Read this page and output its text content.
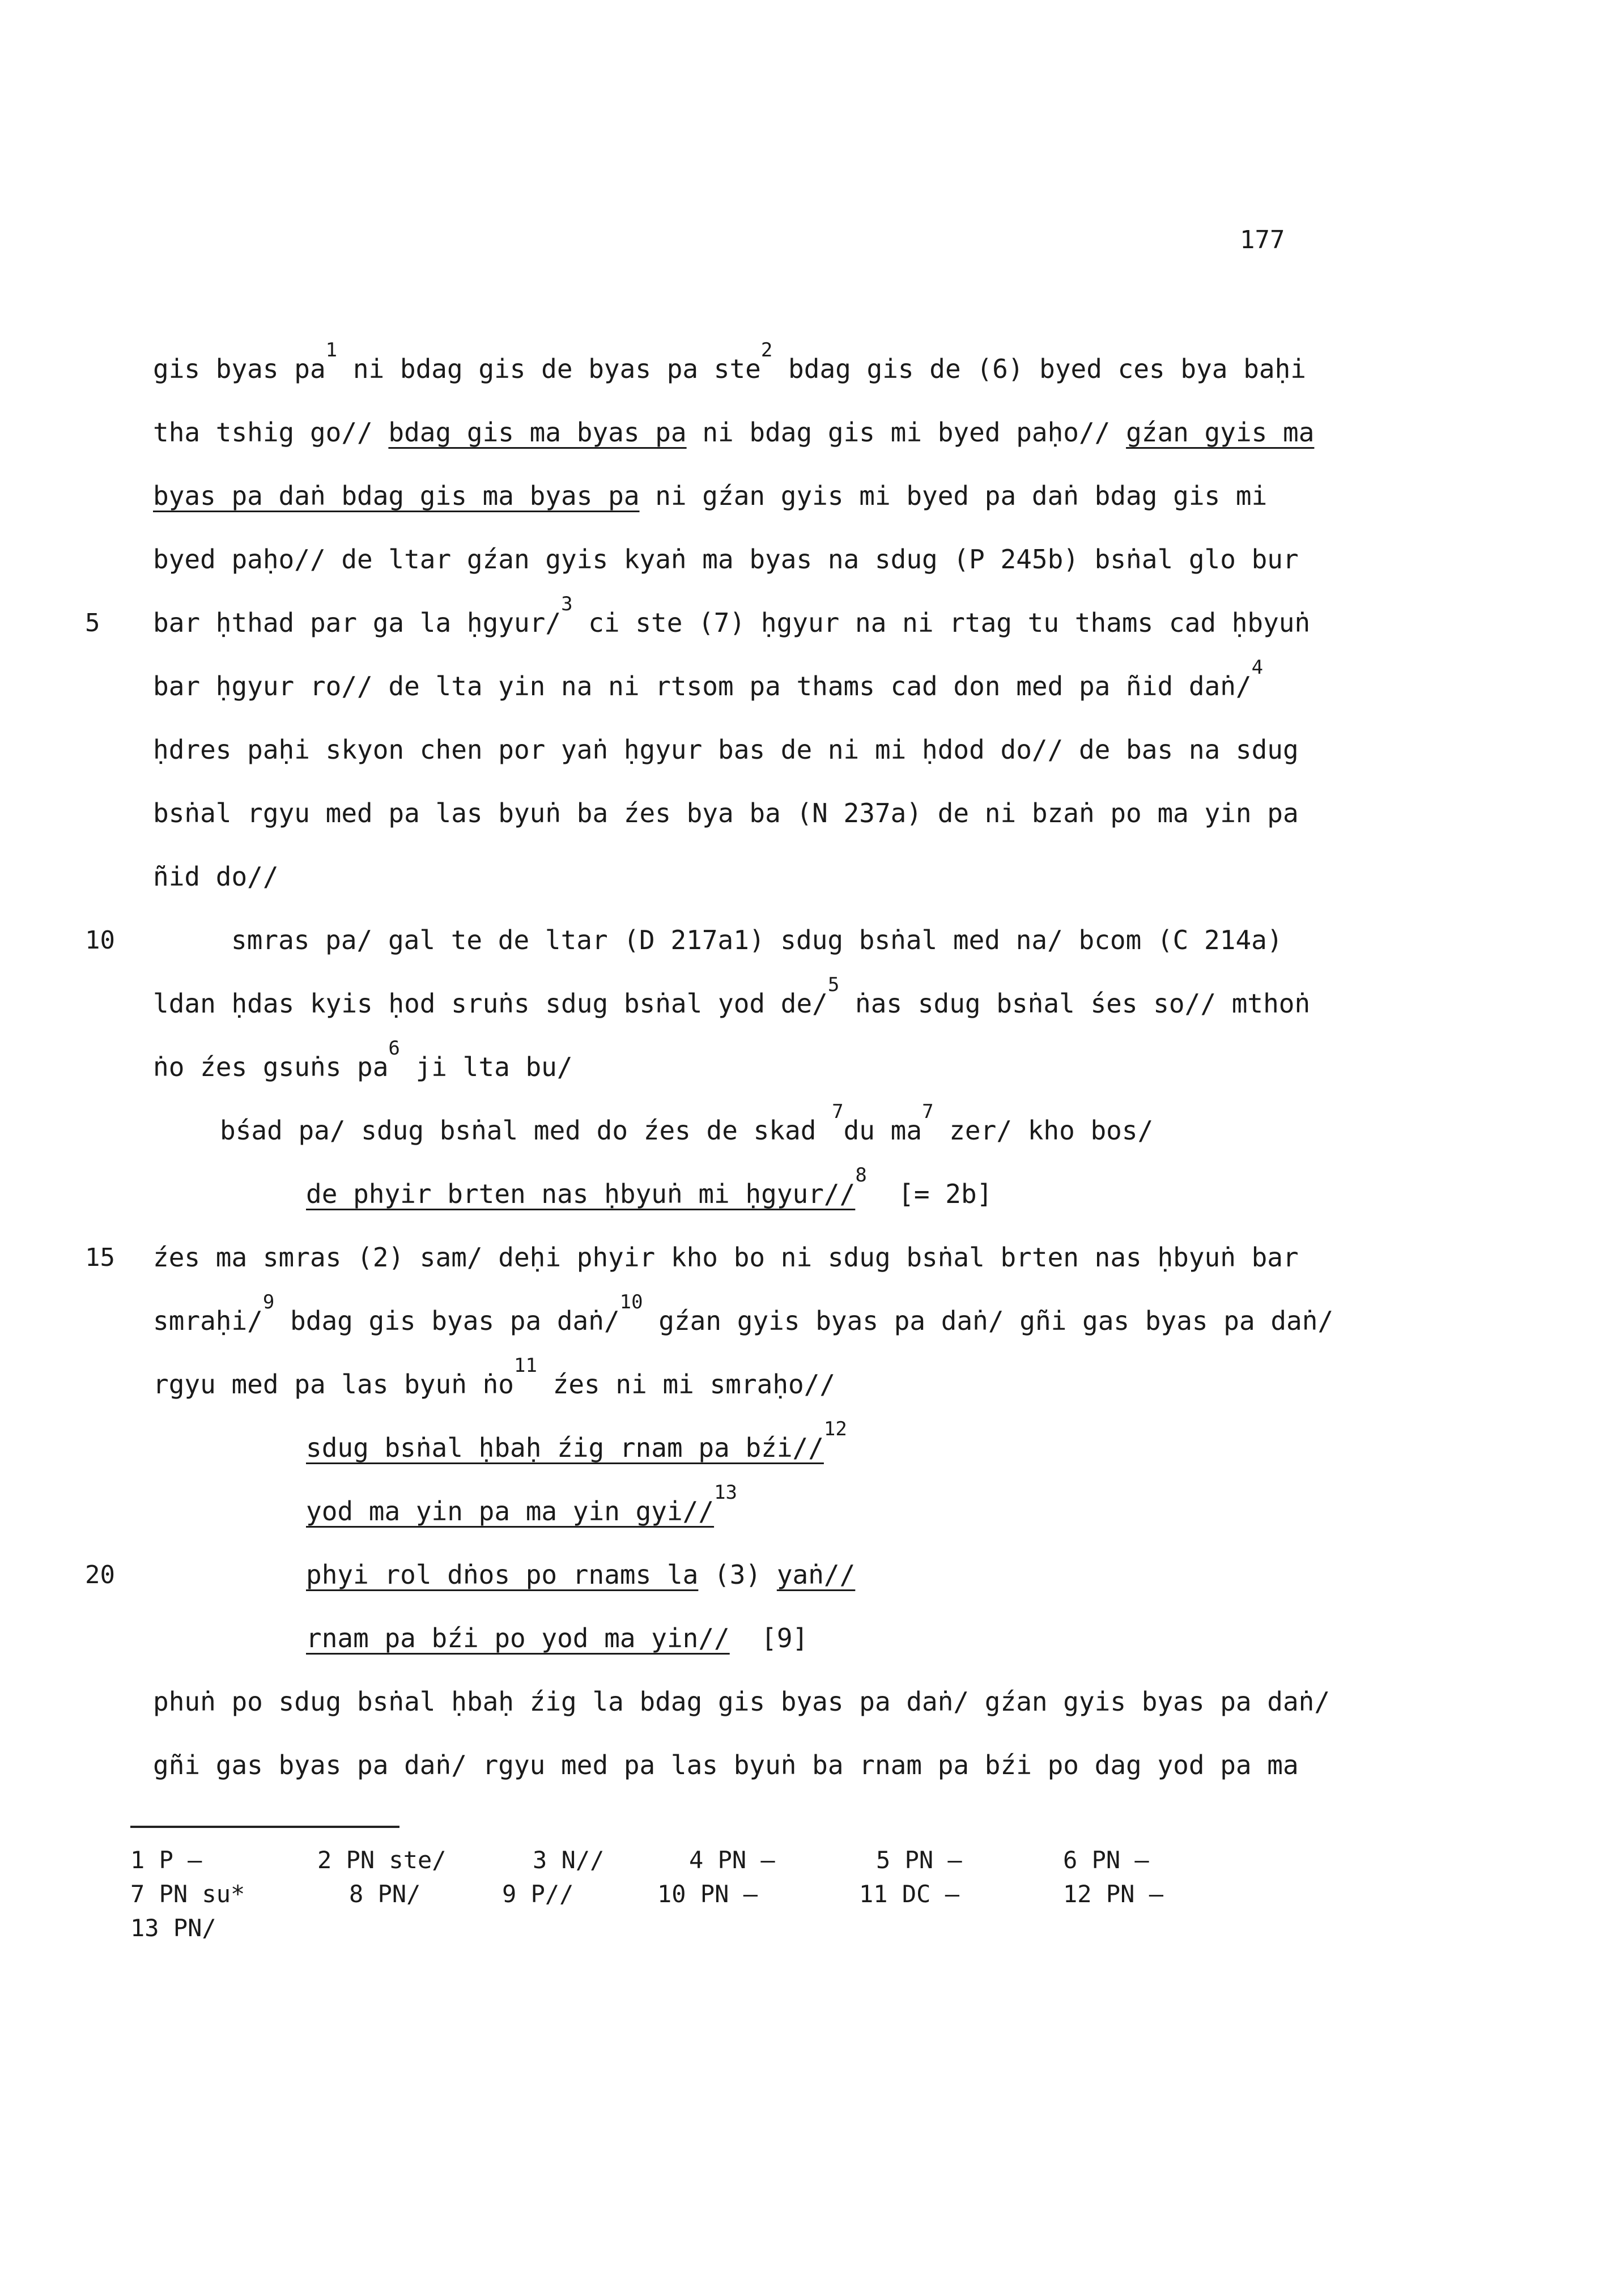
177
gis byas $pa^1$ ni bdag gis de byas pa ste$^2$ bdag gis de (6) byed ces bya baḥi
tha tshig go// bdag gis ma byas pa ni bdag gis mi byed paḥo// gźan gyis ma
byas pa daṅ bdag gis ma byas pa ni gźan gyis mi byed pa daṅ bdag gis mi
byed paḥo// de ltar gźan gyis kyaṅ ma byas na sdug (P 245b) bsṅal glo bur
5 bar ḥthad par ga la ḥgyur/$^3$ ci ste (7) ḥgyur na ni rtag tu thams cad ḥbyuṅ
bar ḥgyur ro// de lta yin na ni rtsom pa thams cad don med pa ñid daṅ/$^4$
ḥdres paḥi skyon chen por yaṅ ḥgyur bas de ni mi ḥdod do// de bas na sdug
bsṅal rgyu med pa las byuṅ ba źes bya ba (N 237a) de ni bzaṅ po ma yin pa
ñid do//
10	smras pa/ gal te de ltar (D 217a1) sdug bsṅal med na/ bcom (C 214a)
ldan ḥdas kyis ḥod sruṅs sdug bsṅal yod de/$^5$ ṅas sdug bsṅal śes so// mthoṅ
ṅo źes gsuṅs $pa^6$ ji lta bu/
bśad pa/ sdug bsṅal med do źes de skad $^7$du $ma^7$ zer/ kho bos/
de phyir brten nas ḥbyuṅ mi ḥgyur//$^8$  [= 2b]
15 źes ma smras (2) sam/ deḥi phyir kho bo ni sdug bsṅal brten nas ḥbyuṅ bar
smraḥi/$^9$ bdag gis byas pa daṅ/$^{10}$ gźan gyis byas pa daṅ/ gñi gas byas pa daṅ/
rgyu med pa las byuṅ ṅo$^{11}$ źes ni mi smraḥo//
sdug bsṅal ḥbaḥ źig rnam pa bźi//$^{12}$
yod ma yin pa ma yin gyi//$^{13}$
20	phyi rol dṅos po rnams la (3) yaṅ//
rnam pa bźi po yod ma yin//  [9]
phuṅ po sdug bsṅal ḥbaḥ źig la bdag gis byas pa daṅ/ gźan gyis byas pa daṅ/
gñi gas byas pa daṅ/ rgyu med pa las byuṅ ba rnam pa bźi po dag yod pa ma
1 P —	2 PN ste/	3 N//	4 PN —	5 PN —	6 PN —
7 PN su*	8 PN/	9 P//	10 PN —	11 DC —	12 PN —
13 PN/
